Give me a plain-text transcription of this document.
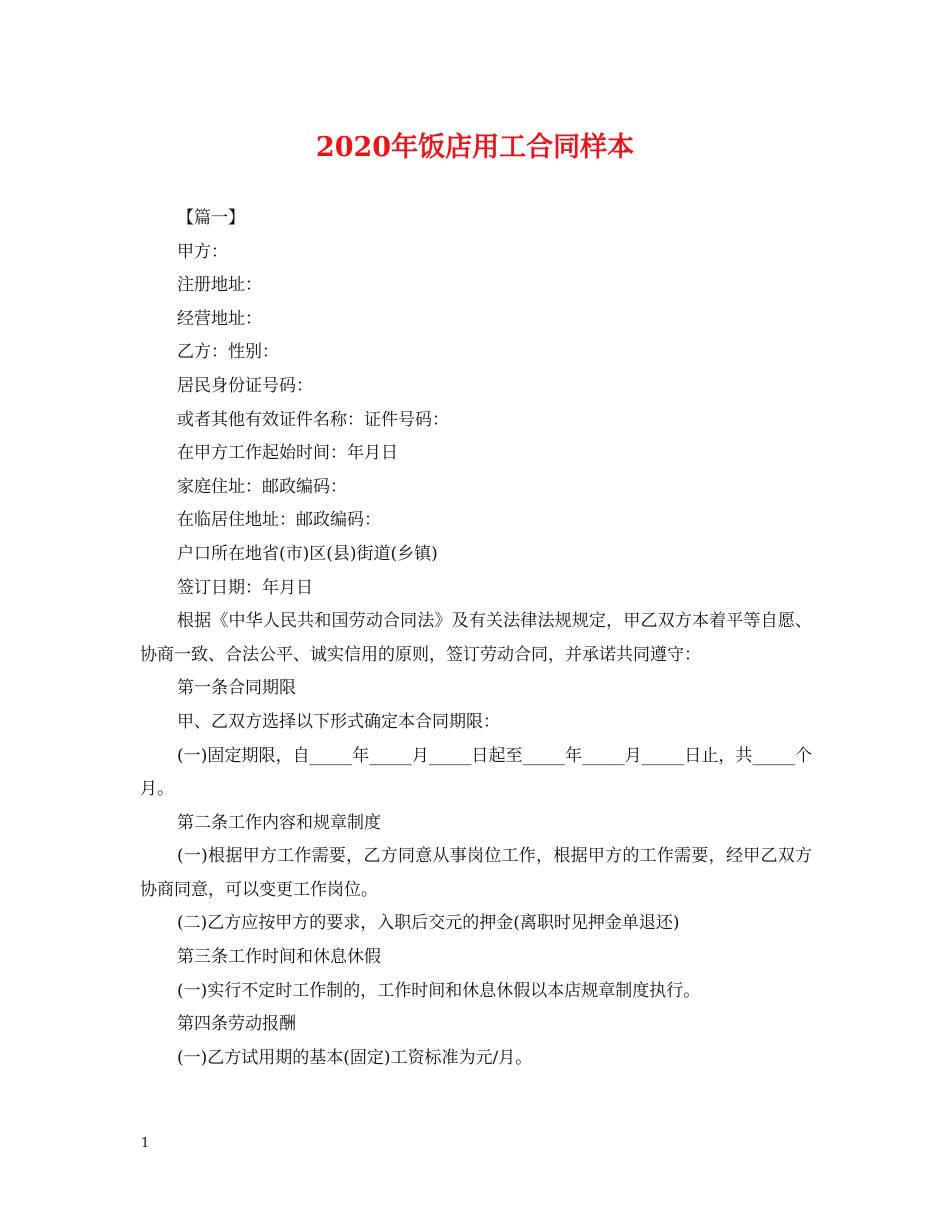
2020年饭店用工合同样本

【篇一】

甲方：

注册地址：

经营地址：

乙方：性别：

居民身份证号码：

或者其他有效证件名称：证件号码：

在甲方工作起始时间：年月日

家庭住址：邮政编码：

在临居住地址：邮政编码：

户口所在地省(市)区(县)街道(乡镇)

签订日期：年月日

根据《中华人民共和国劳动合同法》及有关法律法规规定，甲乙双方本着平等自愿、协商一致、合法公平、诚实信用的原则，签订劳动合同，并承诺共同遵守：

第一条合同期限

甲、乙双方选择以下形式确定本合同期限：

(一)固定期限，自_____年_____月_____日起至_____年_____月_____日止，共_____个月。

第二条工作内容和规章制度

(一)根据甲方工作需要，乙方同意从事岗位工作，根据甲方的工作需要，经甲乙双方协商同意，可以变更工作岗位。

(二)乙方应按甲方的要求，入职后交元的押金(离职时见押金单退还)

第三条工作时间和休息休假

(一)实行不定时工作制的，工作时间和休息休假以本店规章制度执行。

第四条劳动报酬

(一)乙方试用期的基本(固定)工资标准为元/月。

1
